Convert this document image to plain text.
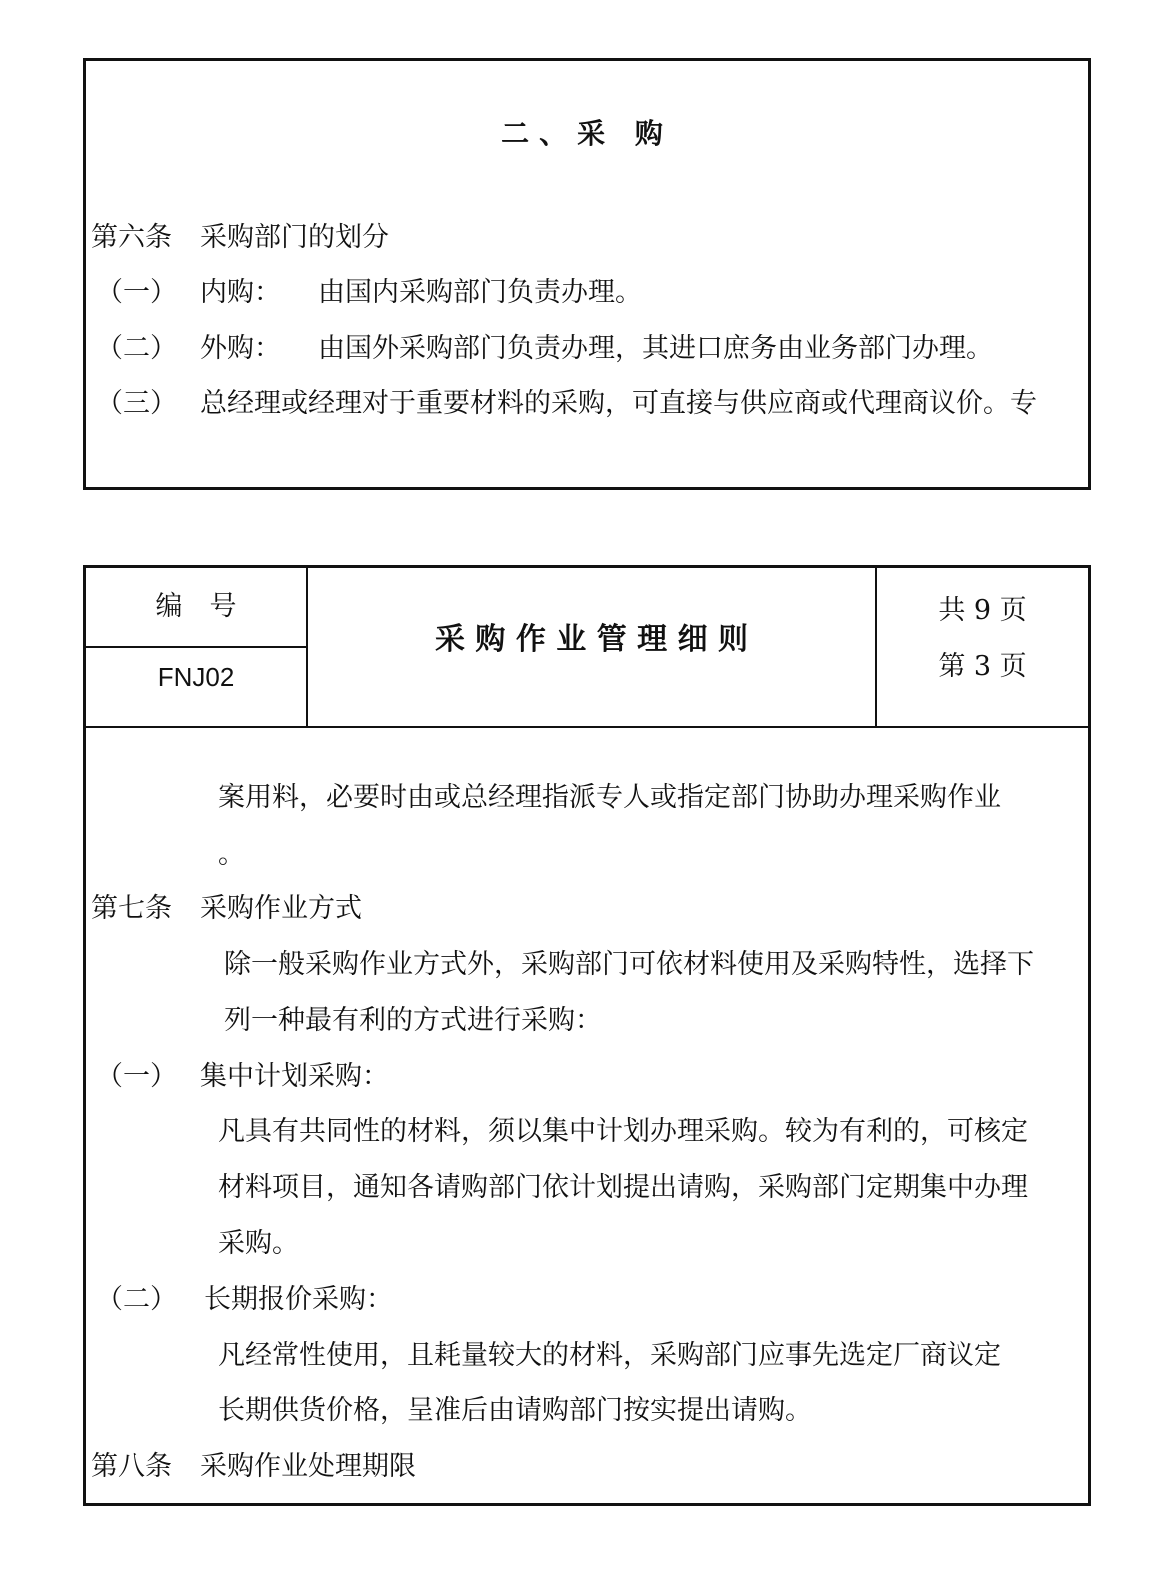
二、采 购
第六条 采购部门的划分
（一） 内购： 由国内采购部门负责办理。
（二） 外购： 由国外采购部门负责办理，其进口庶务由业务部门办理。
（三） 总经理或经理对于重要材料的采购，可直接与供应商或代理商议价。专
编　号
FNJ02
采 购 作 业 管 理 细 则
共 9 页
第 3 页
案用料，必要时由或总经理指派专人或指定部门协助办理采购作业
。
第七条 采购作业方式
除一般采购作业方式外，采购部门可依材料使用及采购特性，选择下
列一种最有利的方式进行采购：
（一） 集中计划采购：
凡具有共同性的材料，须以集中计划办理采购。较为有利的，可核定
材料项目，通知各请购部门依计划提出请购，采购部门定期集中办理
采购。
（二） 长期报价采购：
凡经常性使用，且耗量较大的材料，采购部门应事先选定厂商议定
长期供货价格，呈准后由请购部门按实提出请购。
第八条 采购作业处理期限
